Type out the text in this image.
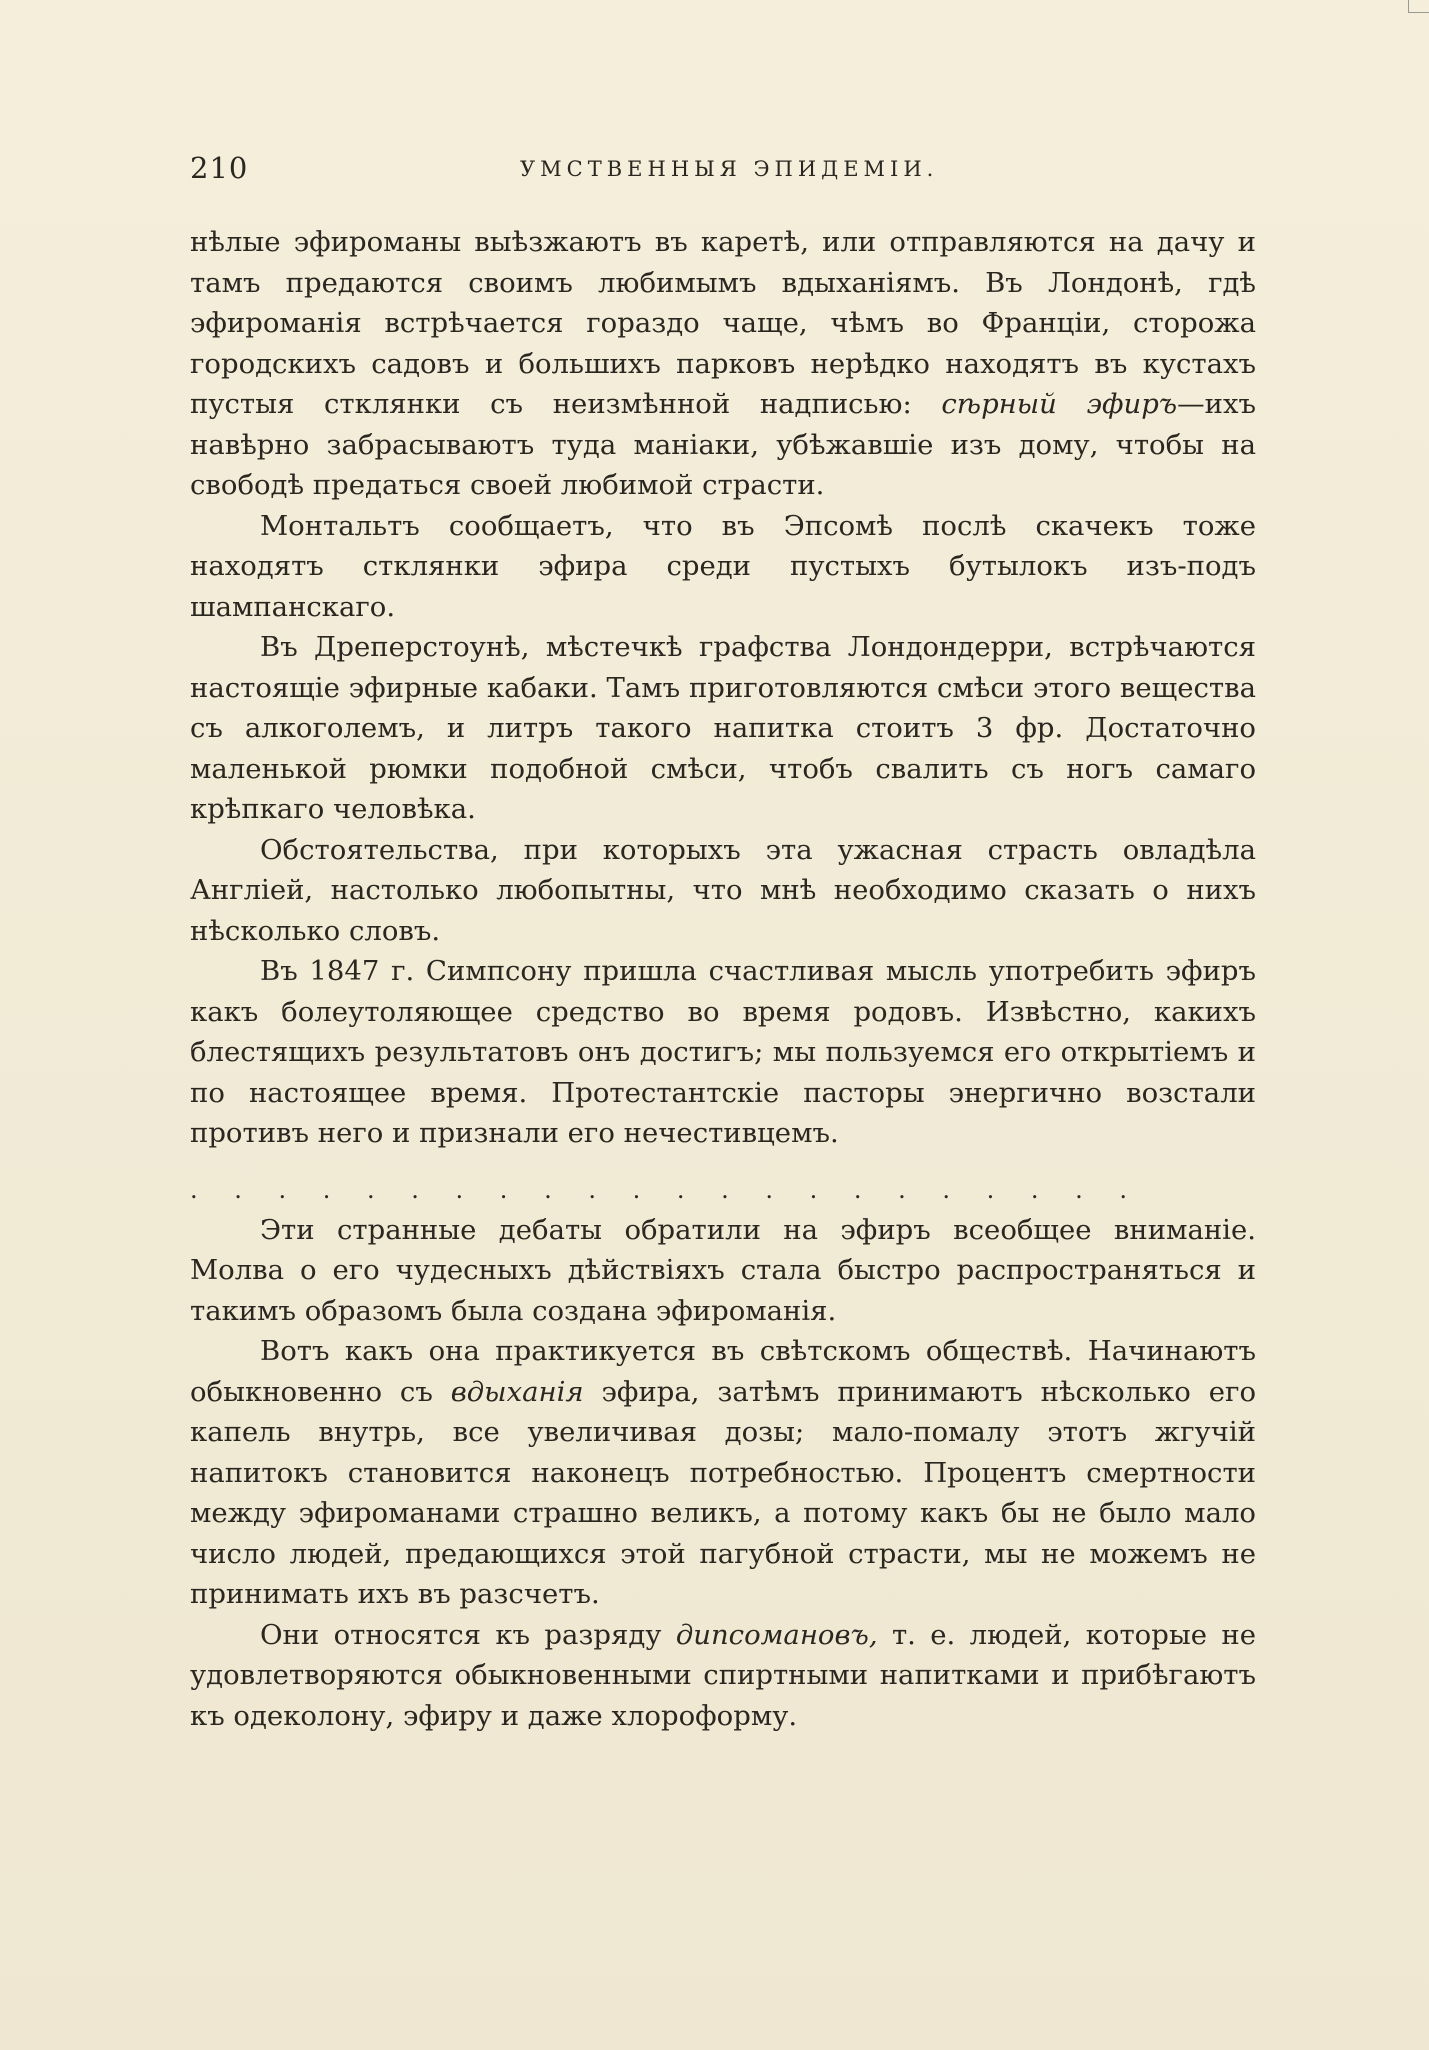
210	УМСТВЕННЫЯ ЭПИДЕМІИ.

нѣлые эфироманы выѣзжаютъ въ каретѣ, или отправляются на дачу и тамъ предаются своимъ любимымъ вдыханіямъ. Въ Лондонѣ, гдѣ эфироманія встрѣчается гораздо чаще, чѣмъ во Франціи, сторожа городскихъ садовъ и большихъ парковъ нерѣдко находятъ въ кустахъ пустыя стклянки съ неизмѣнной надписью: сѣрный эфиръ—ихъ навѣрно забрасываютъ туда маніаки, убѣжавшіе изъ дому, чтобы на свободѣ предаться своей любимой страсти.

Монтальтъ сообщаетъ, что въ Эпсомѣ послѣ скачекъ тоже находятъ стклянки эфира среди пустыхъ бутылокъ изъ-подъ шампанскаго.

Въ Дреперстоунѣ, мѣстечкѣ графства Лондондерри, встрѣчаются настоящіе эфирные кабаки. Тамъ приготовляются смѣси этого вещества съ алкоголемъ, и литръ такого напитка стоитъ 3 фр. Достаточно маленькой рюмки подобной смѣси, чтобъ свалить съ ногъ самаго крѣпкаго человѣка.

Обстоятельства, при которыхъ эта ужасная страсть овладѣла Англіей, настолько любопытны, что мнѣ необходимо сказать о нихъ нѣсколько словъ.

Въ 1847 г. Симпсону пришла счастливая мысль употребить эфиръ какъ болеутоляющее средство во время родовъ. Извѣстно, какихъ блестящихъ результатовъ онъ достигъ; мы пользуемся его открытіемъ и по настоящее время. Протестантскіе пасторы энергично возстали противъ него и признали его нечестивцемъ.

. . . . . . . . . . . . . . . . . . . . . .

Эти странные дебаты обратили на эфиръ всеобщее вниманіе. Молва о его чудесныхъ дѣйствіяхъ стала быстро распространяться и такимъ образомъ была создана эфироманія.

Вотъ какъ она практикуется въ свѣтскомъ обществѣ. Начинаютъ обыкновенно съ вдыханія эфира, затѣмъ принимаютъ нѣсколько его капель внутрь, все увеличивая дозы; мало-помалу этотъ жгучій напитокъ становится наконецъ потребностью. Процентъ смертности между эфироманами страшно великъ, а потому какъ бы не было мало число людей, предающихся этой пагубной страсти, мы не можемъ не принимать ихъ въ разсчетъ.

Они относятся къ разряду дипсомановъ, т. е. людей, которые не удовлетворяются обыкновенными спиртными напитками и прибѣгаютъ къ одеколону, эфиру и даже хлороформу.
